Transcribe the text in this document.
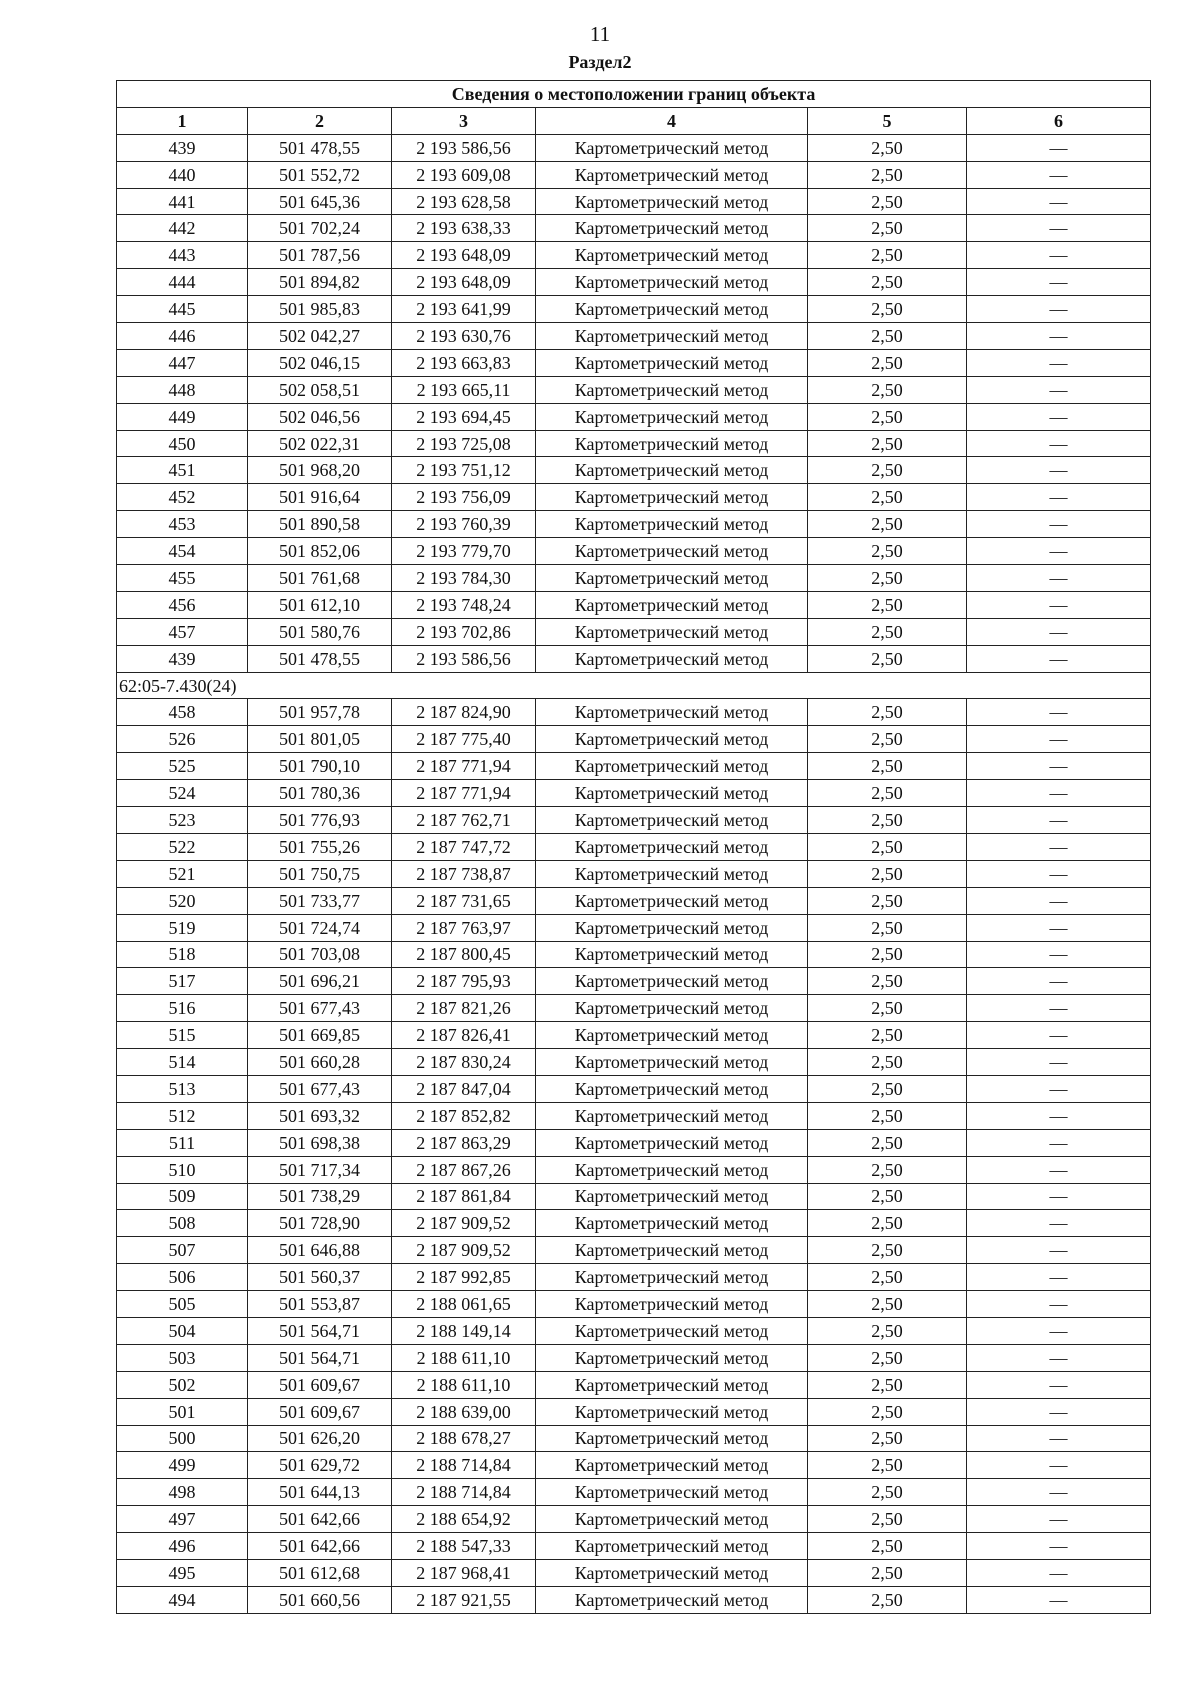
11
Раздел2
Сведения о местоположении границ объекта					
1	2	3	4	5	6
439	501 478,55	2 193 586,56	Картометрический метод	2,50	—
440	501 552,72	2 193 609,08	Картометрический метод	2,50	—
441	501 645,36	2 193 628,58	Картометрический метод	2,50	—
442	501 702,24	2 193 638,33	Картометрический метод	2,50	—
443	501 787,56	2 193 648,09	Картометрический метод	2,50	—
444	501 894,82	2 193 648,09	Картометрический метод	2,50	—
445	501 985,83	2 193 641,99	Картометрический метод	2,50	—
446	502 042,27	2 193 630,76	Картометрический метод	2,50	—
447	502 046,15	2 193 663,83	Картометрический метод	2,50	—
448	502 058,51	2 193 665,11	Картометрический метод	2,50	—
449	502 046,56	2 193 694,45	Картометрический метод	2,50	—
450	502 022,31	2 193 725,08	Картометрический метод	2,50	—
451	501 968,20	2 193 751,12	Картометрический метод	2,50	—
452	501 916,64	2 193 756,09	Картометрический метод	2,50	—
453	501 890,58	2 193 760,39	Картометрический метод	2,50	—
454	501 852,06	2 193 779,70	Картометрический метод	2,50	—
455	501 761,68	2 193 784,30	Картометрический метод	2,50	—
456	501 612,10	2 193 748,24	Картометрический метод	2,50	—
457	501 580,76	2 193 702,86	Картометрический метод	2,50	—
439	501 478,55	2 193 586,56	Картометрический метод	2,50	—
62:05-7.430(24)					
458	501 957,78	2 187 824,90	Картометрический метод	2,50	—
526	501 801,05	2 187 775,40	Картометрический метод	2,50	—
525	501 790,10	2 187 771,94	Картометрический метод	2,50	—
524	501 780,36	2 187 771,94	Картометрический метод	2,50	—
523	501 776,93	2 187 762,71	Картометрический метод	2,50	—
522	501 755,26	2 187 747,72	Картометрический метод	2,50	—
521	501 750,75	2 187 738,87	Картометрический метод	2,50	—
520	501 733,77	2 187 731,65	Картометрический метод	2,50	—
519	501 724,74	2 187 763,97	Картометрический метод	2,50	—
518	501 703,08	2 187 800,45	Картометрический метод	2,50	—
517	501 696,21	2 187 795,93	Картометрический метод	2,50	—
516	501 677,43	2 187 821,26	Картометрический метод	2,50	—
515	501 669,85	2 187 826,41	Картометрический метод	2,50	—
514	501 660,28	2 187 830,24	Картометрический метод	2,50	—
513	501 677,43	2 187 847,04	Картометрический метод	2,50	—
512	501 693,32	2 187 852,82	Картометрический метод	2,50	—
511	501 698,38	2 187 863,29	Картометрический метод	2,50	—
510	501 717,34	2 187 867,26	Картометрический метод	2,50	—
509	501 738,29	2 187 861,84	Картометрический метод	2,50	—
508	501 728,90	2 187 909,52	Картометрический метод	2,50	—
507	501 646,88	2 187 909,52	Картометрический метод	2,50	—
506	501 560,37	2 187 992,85	Картометрический метод	2,50	—
505	501 553,87	2 188 061,65	Картометрический метод	2,50	—
504	501 564,71	2 188 149,14	Картометрический метод	2,50	—
503	501 564,71	2 188 611,10	Картометрический метод	2,50	—
502	501 609,67	2 188 611,10	Картометрический метод	2,50	—
501	501 609,67	2 188 639,00	Картометрический метод	2,50	—
500	501 626,20	2 188 678,27	Картометрический метод	2,50	—
499	501 629,72	2 188 714,84	Картометрический метод	2,50	—
498	501 644,13	2 188 714,84	Картометрический метод	2,50	—
497	501 642,66	2 188 654,92	Картометрический метод	2,50	—
496	501 642,66	2 188 547,33	Картометрический метод	2,50	—
495	501 612,68	2 187 968,41	Картометрический метод	2,50	—
494	501 660,56	2 187 921,55	Картометрический метод	2,50	—
